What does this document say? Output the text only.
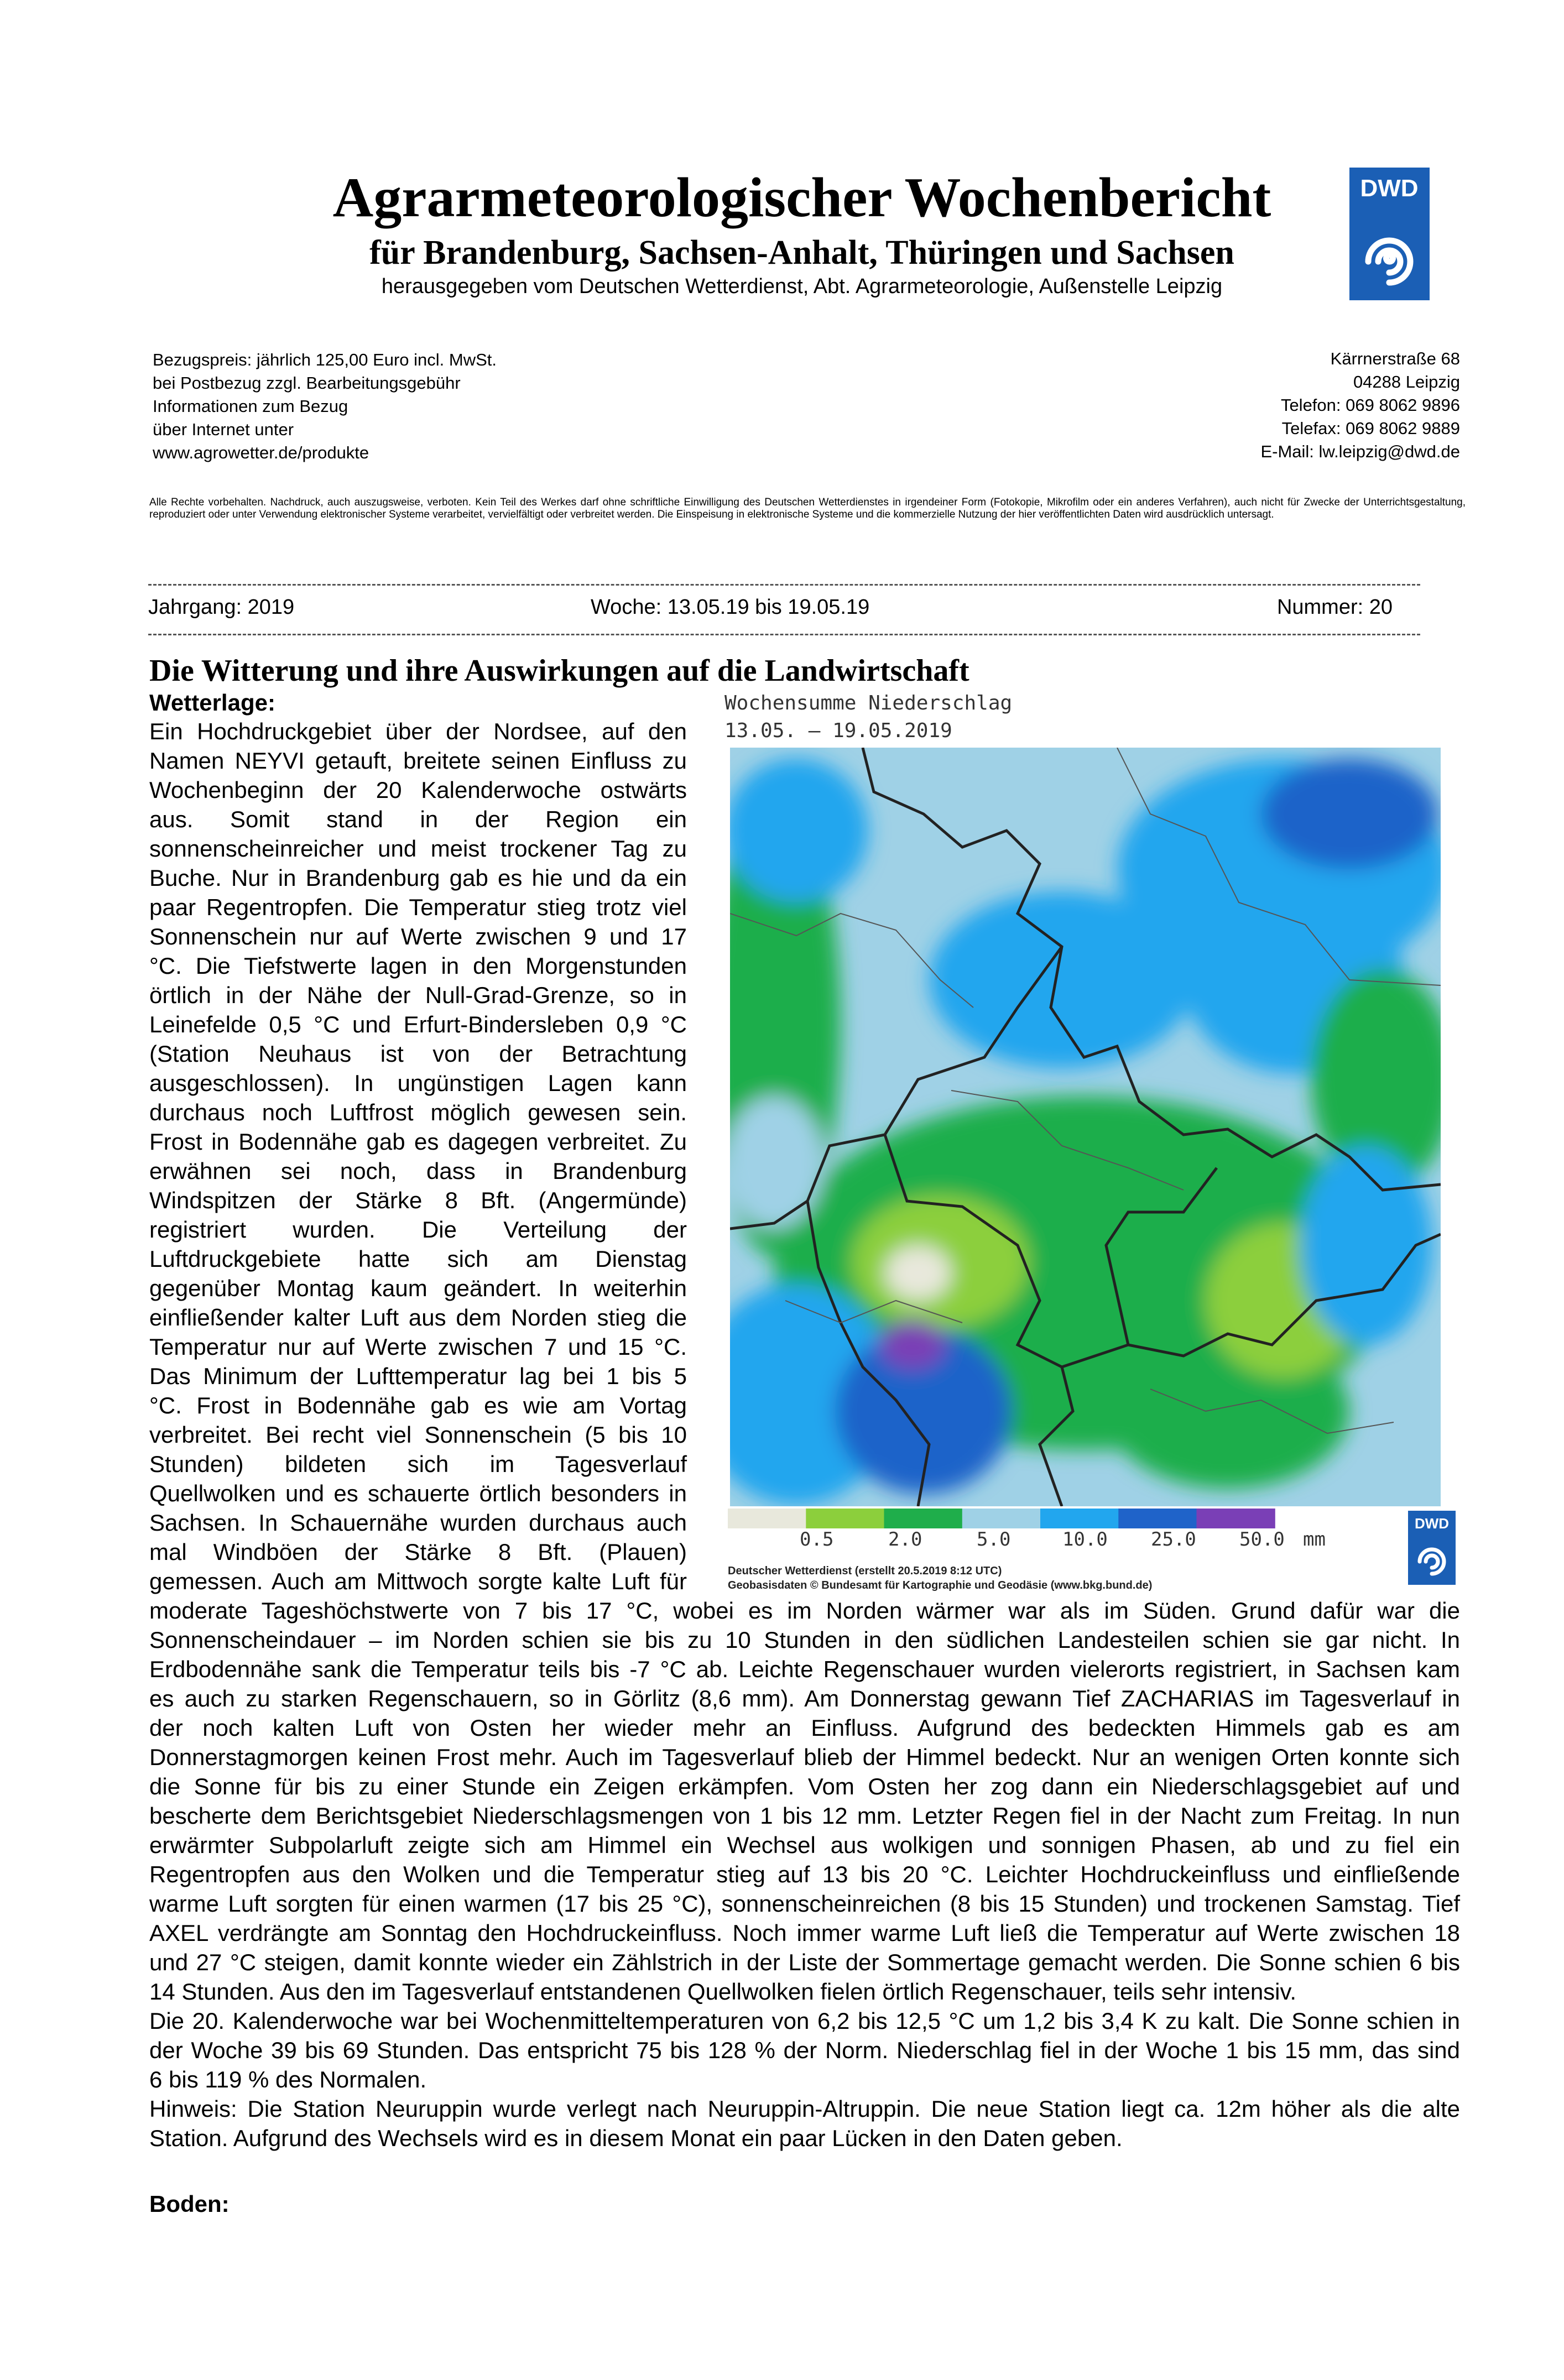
Agrarmeteorologischer Wochenbericht
für Brandenburg, Sachsen-Anhalt, Thüringen und Sachsen
herausgegeben vom Deutschen Wetterdienst, Abt. Agrarmeteorologie, Außenstelle Leipzig
DWD
Bezugspreis: jährlich 125,00 Euro incl. MwSt.
bei Postbezug zzgl. Bearbeitungsgebühr
Informationen zum Bezug
über Internet unter
www.agrowetter.de/produkte
Kärrnerstraße 68
04288 Leipzig
Telefon: 069 8062 9896
Telefax: 069 8062 9889
E-Mail: lw.leipzig@dwd.de
Alle Rechte vorbehalten. Nachdruck, auch auszugsweise, verboten. Kein Teil des Werkes darf ohne schriftliche Einwilligung des Deutschen Wetterdienstes in irgendeiner Form (Fotokopie, Mikrofilm oder ein anderes Verfahren), auch nicht für Zwecke der Unterrichtsgestaltung, reproduziert oder unter Verwendung elektronischer Systeme verarbeitet, vervielfältigt oder verbreitet werden. Die Einspeisung in elektronische Systeme und die kommerzielle Nutzung der hier veröffentlichten Daten wird ausdrücklich untersagt.
Jahrgang: 2019	Woche: 13.05.19 bis 19.05.19	Nummer: 20
Die Witterung und ihre Auswirkungen auf die Landwirtschaft
Wetterlage:
Ein Hochdruckgebiet über der Nordsee, auf den
Namen NEYVI getauft, breitete seinen Einfluss zu
Wochenbeginn der 20 Kalenderwoche ostwärts
aus. Somit stand in der Region ein
sonnenscheinreicher und meist trockener Tag zu
Buche. Nur in Brandenburg gab es hie und da ein
paar Regentropfen. Die Temperatur stieg trotz viel
Sonnenschein nur auf Werte zwischen 9 und 17
°C. Die Tiefstwerte lagen in den Morgenstunden
örtlich in der Nähe der Null-Grad-Grenze, so in
Leinefelde 0,5 °C und Erfurt-Bindersleben 0,9 °C
(Station Neuhaus ist von der Betrachtung
ausgeschlossen). In ungünstigen Lagen kann
durchaus noch Luftfrost möglich gewesen sein.
Frost in Bodennähe gab es dagegen verbreitet. Zu
erwähnen sei noch, dass in Brandenburg
Windspitzen der Stärke 8 Bft. (Angermünde)
registriert wurden. Die Verteilung der
Luftdruckgebiete hatte sich am Dienstag
gegenüber Montag kaum geändert. In weiterhin
einfließender kalter Luft aus dem Norden stieg die
Temperatur nur auf Werte zwischen 7 und 15 °C.
Das Minimum der Lufttemperatur lag bei 1 bis 5
°C. Frost in Bodennähe gab es wie am Vortag
verbreitet. Bei recht viel Sonnenschein (5 bis 10
Stunden) bildeten sich im Tagesverlauf
Quellwolken und es schauerte örtlich besonders in
Sachsen. In Schauernähe wurden durchaus auch
mal Windböen der Stärke 8 Bft. (Plauen)
gemessen. Auch am Mittwoch sorgte kalte Luft für
moderate Tageshöchstwerte von 7 bis 17 °C, wobei es im Norden wärmer war als im Süden. Grund dafür war die
Sonnenscheindauer – im Norden schien sie bis zu 10 Stunden in den südlichen Landesteilen schien sie gar nicht. In
Erdbodennähe sank die Temperatur teils bis -7 °C ab. Leichte Regenschauer wurden vielerorts registriert, in Sachsen kam
es auch zu starken Regenschauern, so in Görlitz (8,6 mm). Am Donnerstag gewann Tief ZACHARIAS im Tagesverlauf in
der noch kalten Luft von Osten her wieder mehr an Einfluss. Aufgrund des bedeckten Himmels gab es am
Donnerstagmorgen keinen Frost mehr. Auch im Tagesverlauf blieb der Himmel bedeckt. Nur an wenigen Orten konnte sich
die Sonne für bis zu einer Stunde ein Zeigen erkämpfen. Vom Osten her zog dann ein Niederschlagsgebiet auf und
bescherte dem Berichtsgebiet Niederschlagsmengen von 1 bis 12 mm. Letzter Regen fiel in der Nacht zum Freitag. In nun
erwärmter Subpolarluft zeigte sich am Himmel ein Wechsel aus wolkigen und sonnigen Phasen, ab und zu fiel ein
Regentropfen aus den Wolken und die Temperatur stieg auf 13 bis 20 °C. Leichter Hochdruckeinfluss und einfließende
warme Luft sorgten für einen warmen (17 bis 25 °C), sonnenscheinreichen (8 bis 15 Stunden) und trockenen Samstag. Tief
AXEL verdrängte am Sonntag den Hochdruckeinfluss. Noch immer warme Luft ließ die Temperatur auf Werte zwischen 18
und 27 °C steigen, damit konnte wieder ein Zählstrich in der Liste der Sommertage gemacht werden. Die Sonne schien 6 bis
14 Stunden. Aus den im Tagesverlauf entstandenen Quellwolken fielen örtlich Regenschauer, teils sehr intensiv.
Die 20. Kalenderwoche war bei Wochenmitteltemperaturen von 6,2 bis 12,5 °C um 1,2 bis 3,4 K zu kalt. Die Sonne schien in
der Woche 39 bis 69 Stunden. Das entspricht 75 bis 128 % der Norm. Niederschlag fiel in der Woche 1 bis 15 mm, das sind
6 bis 119 % des Normalen.
Hinweis: Die Station Neuruppin wurde verlegt nach Neuruppin-Altruppin. Die neue Station liegt ca. 12m höher als die alte
Station. Aufgrund des Wechsels wird es in diesem Monat ein paar Lücken in den Daten geben.
Boden:
Wochensumme Niederschlag
13.05. – 19.05.2019
0.5	2.0	5.0	10.0 25.0 50.0 mm
DWD
Deutscher Wetterdienst (erstellt 20.5.2019 8:12 UTC)
Geobasisdaten © Bundesamt für Kartographie und Geodäsie (www.bkg.bund.de)
